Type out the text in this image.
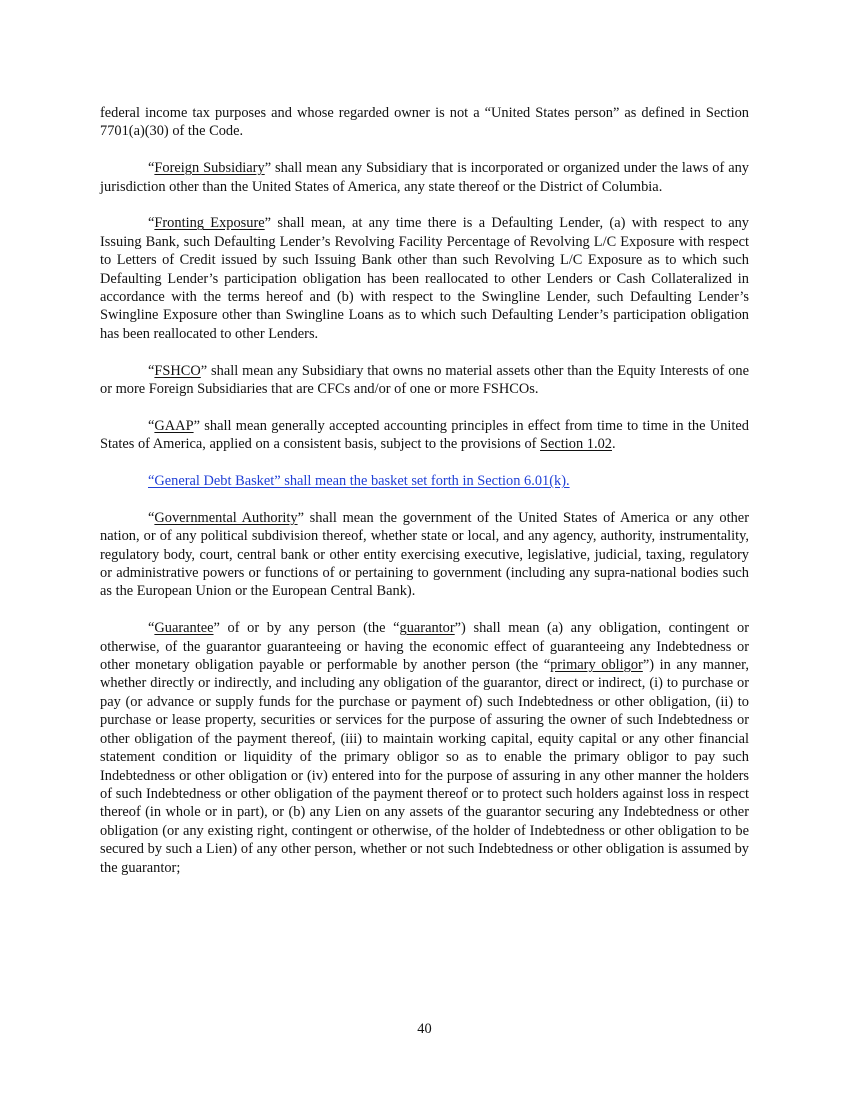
federal income tax purposes and whose regarded owner is not a “United States person” as defined in Section 7701(a)(30) of the Code.

“Foreign Subsidiary” shall mean any Subsidiary that is incorporated or organized under the laws of any jurisdiction other than the United States of America, any state thereof or the District of Columbia.

“Fronting Exposure” shall mean, at any time there is a Defaulting Lender, (a) with respect to any Issuing Bank, such Defaulting Lender’s Revolving Facility Percentage of Revolving L/C Exposure with respect to Letters of Credit issued by such Issuing Bank other than such Revolving L/C Exposure as to which such Defaulting Lender’s participation obligation has been reallocated to other Lenders or Cash Collateralized in accordance with the terms hereof and (b) with respect to the Swingline Lender, such Defaulting Lender’s Swingline Exposure other than Swingline Loans as to which such Defaulting Lender’s participation obligation has been reallocated to other Lenders.

“FSHCO” shall mean any Subsidiary that owns no material assets other than the Equity Interests of one or more Foreign Subsidiaries that are CFCs and/or of one or more FSHCOs.

“GAAP” shall mean generally accepted accounting principles in effect from time to time in the United States of America, applied on a consistent basis, subject to the provisions of Section 1.02.

“General Debt Basket” shall mean the basket set forth in Section 6.01(k).

“Governmental Authority” shall mean the government of the United States of America or any other nation, or of any political subdivision thereof, whether state or local, and any agency, authority, instrumentality, regulatory body, court, central bank or other entity exercising executive, legislative, judicial, taxing, regulatory or administrative powers or functions of or pertaining to government (including any supra-national bodies such as the European Union or the European Central Bank).

“Guarantee” of or by any person (the “guarantor”) shall mean (a) any obligation, contingent or otherwise, of the guarantor guaranteeing or having the economic effect of guaranteeing any Indebtedness or other monetary obligation payable or performable by another person (the “primary obligor”) in any manner, whether directly or indirectly, and including any obligation of the guarantor, direct or indirect, (i) to purchase or pay (or advance or supply funds for the purchase or payment of) such Indebtedness or other obligation, (ii) to purchase or lease property, securities or services for the purpose of assuring the owner of such Indebtedness or other obligation of the payment thereof, (iii) to maintain working capital, equity capital or any other financial statement condition or liquidity of the primary obligor so as to enable the primary obligor to pay such Indebtedness or other obligation or (iv) entered into for the purpose of assuring in any other manner the holders of such Indebtedness or other obligation of the payment thereof or to protect such holders against loss in respect thereof (in whole or in part), or (b) any Lien on any assets of the guarantor securing any Indebtedness or other obligation (or any existing right, contingent or otherwise, of the holder of Indebtedness or other obligation to be secured by such a Lien) of any other person, whether or not such Indebtedness or other obligation is assumed by the guarantor;

40
